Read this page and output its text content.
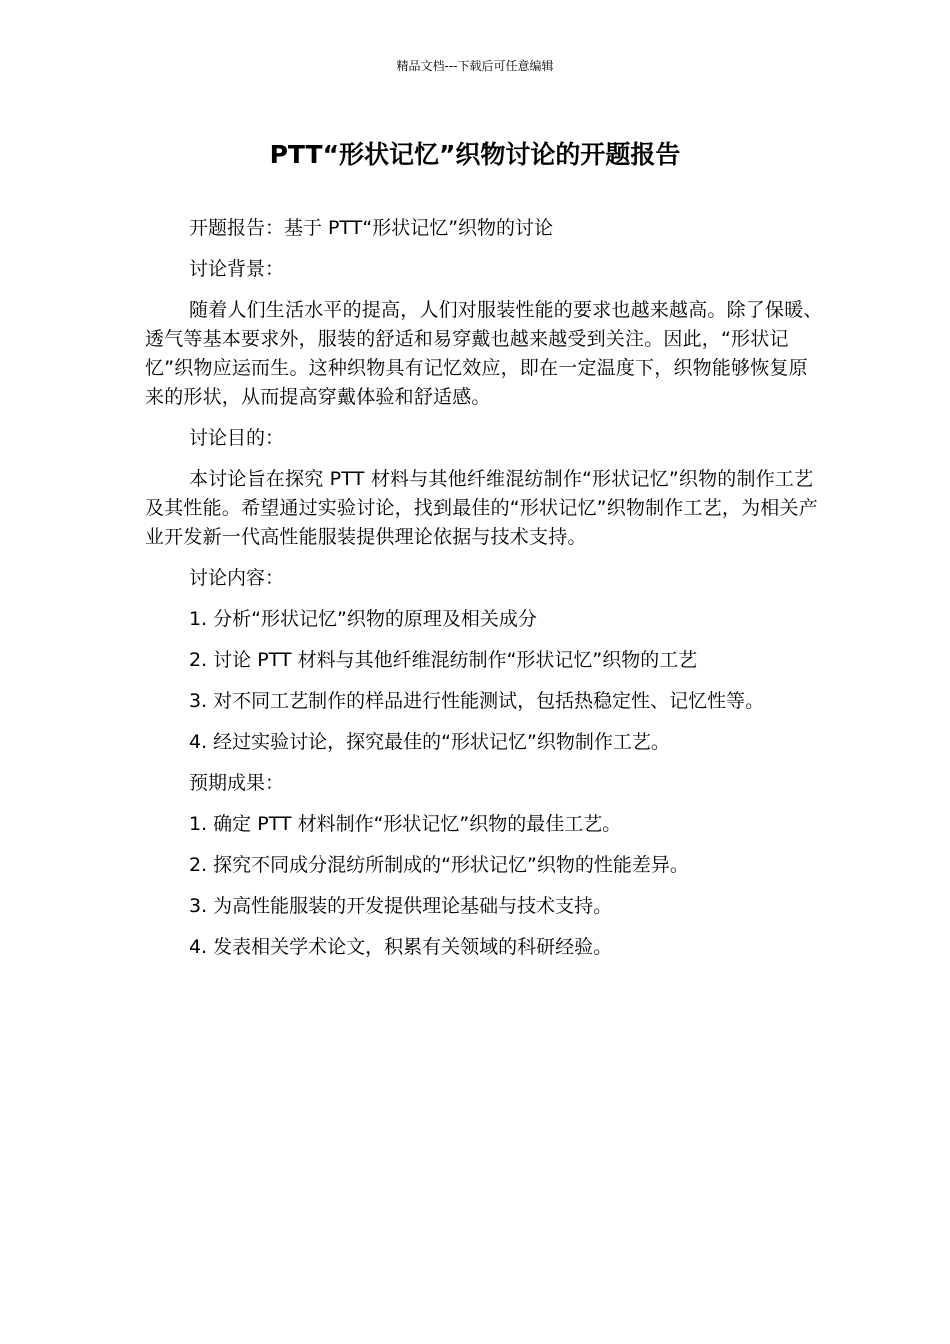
精品文档---下载后可任意编辑
PTT“形状记忆”织物讨论的开题报告
开题报告：基于 PTT“形状记忆”织物的讨论
讨论背景：
随着人们生活水平的提高，人们对服装性能的要求也越来越高。除了保暖、透气等基本要求外，服装的舒适和易穿戴也越来越受到关注。因此，“形状记忆”织物应运而生。这种织物具有记忆效应，即在一定温度下，织物能够恢复原来的形状，从而提高穿戴体验和舒适感。
讨论目的：
本讨论旨在探究 PTT 材料与其他纤维混纺制作“形状记忆”织物的制作工艺及其性能。希望通过实验讨论，找到最佳的“形状记忆”织物制作工艺，为相关产业开发新一代高性能服装提供理论依据与技术支持。
讨论内容：
1. 分析“形状记忆”织物的原理及相关成分
2. 讨论 PTT 材料与其他纤维混纺制作“形状记忆”织物的工艺
3. 对不同工艺制作的样品进行性能测试，包括热稳定性、记忆性等。
4. 经过实验讨论，探究最佳的“形状记忆”织物制作工艺。
预期成果：
1. 确定 PTT 材料制作“形状记忆”织物的最佳工艺。
2. 探究不同成分混纺所制成的“形状记忆”织物的性能差异。
3. 为高性能服装的开发提供理论基础与技术支持。
4. 发表相关学术论文，积累有关领域的科研经验。
